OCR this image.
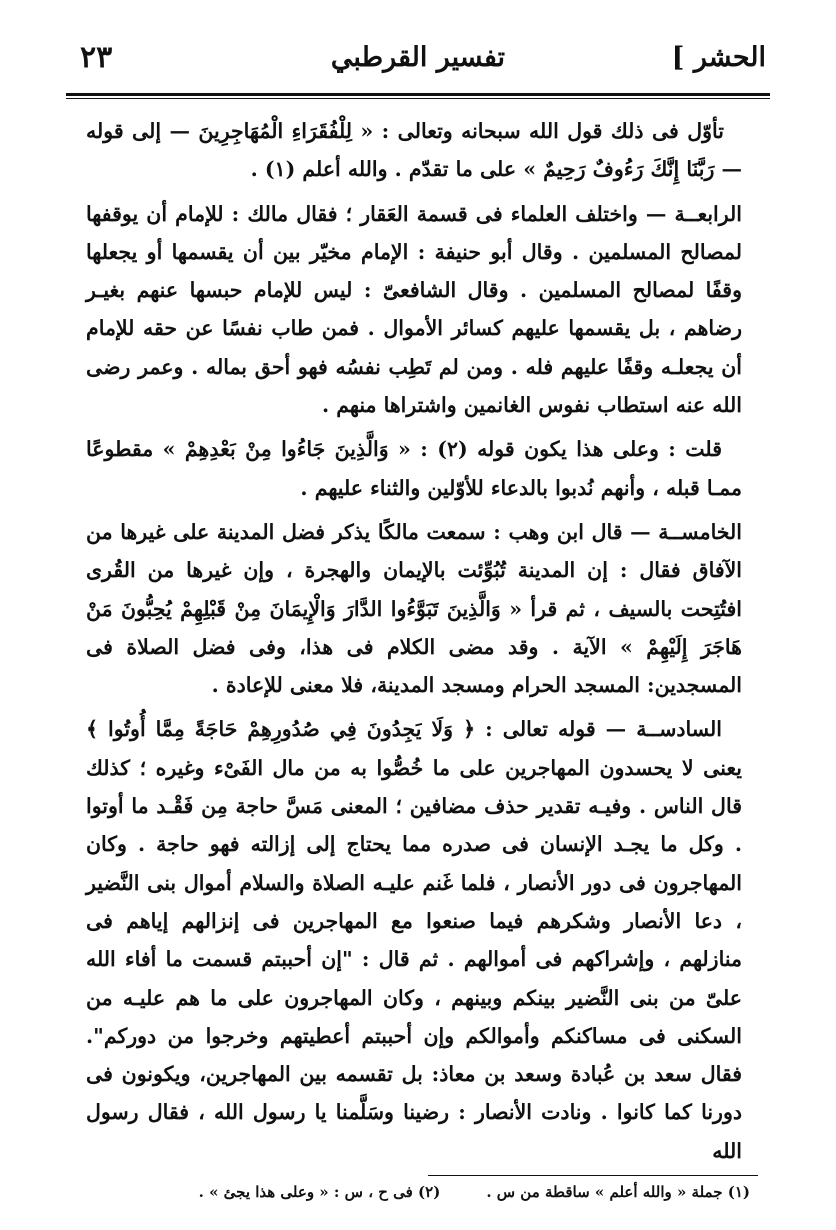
الحشر ]
تفسير القرطبي
٢٣

تأوّل فى ذلك قول الله سبحانه وتعالى : « لِلْفُقَرَاءِ الْمُهَاجِرِينَ — إلى قوله — رَبَّنَا إِنَّكَ رَءُوفٌ رَحِيمٌ » على ما تقدّم . والله أعلم (١) .

الرابعــة — واختلف العلماء فى قسمة العَقار ؛ فقال مالك : للإمام أن يوقفها لمصالح المسلمين . وقال أبو حنيفة : الإمام مخيّر بين أن يقسمها أو يجعلها وقفًا لمصالح المسلمين . وقال الشافعىّ : ليس للإمام حبسها عنهم بغيـر رضاهم ، بل يقسمها عليهم كسائر الأموال . فمن طاب نفسًا عن حقه للإمام أن يجعلـه وقفًا عليهم فله . ومن لم تَطِب نفسُه فهو أحق بماله . وعمر رضى الله عنه استطاب نفوس الغانمين واشتراها منهم .

قلت : وعلى هذا يكون قوله (٢) : « وَالَّذِينَ جَاءُوا مِنْ بَعْدِهِمْ » مقطوعًا ممـا قبله ، وأنهم نُدبوا بالدعاء للأوّلين والثناء عليهم .

الخامســة — قال ابن وهب : سمعت مالكًا يذكر فضل المدينة على غيرها من الآفاق فقال : إن المدينة تُبُوِّئت بالإيمان والهجرة ، وإن غيرها من القُرى افتُتِحت بالسيف ، ثم قرأ « وَالَّذِينَ تَبَوَّءُوا الدَّارَ وَالْإِيمَانَ مِنْ قَبْلِهِمْ يُحِبُّونَ مَنْ هَاجَرَ إِلَيْهِمْ » الآية . وقد مضى الكلام فى هذا، وفى فضل الصلاة فى المسجدين: المسجد الحرام ومسجد المدينة، فلا معنى للإعادة .

السادســة — قوله تعالى : ﴿ وَلَا يَجِدُونَ فِي صُدُورِهِمْ حَاجَةً مِمَّا أُوتُوا ﴾ يعنى لا يحسدون المهاجرين على ما خُصُّوا به من مال الفَىْء وغيره ؛ كذلك قال الناس . وفيـه تقدير حذف مضافين ؛ المعنى مَسَّ حاجة مِن فَقْـد ما أوتوا . وكل ما يجـد الإنسان فى صدره مما يحتاج إلى إزالته فهو حاجة . وكان المهاجرون فى دور الأنصار ، فلما غَنم عليـه الصلاة والسلام أموال بنى النَّضير ، دعا الأنصار وشكرهم فيما صنعوا مع المهاجرين فى إنزالهم إياهم فى منازلهم ، وإشراكهم فى أموالهم . ثم قال : "إن أحببتم قسمت ما أفاء الله علىّ من بنى النَّضير بينكم وبينهم ، وكان المهاجرون على ما هم عليـه من السكنى فى مساكنكم وأموالكم وإن أحببتم أعطيتهم وخرجوا من دوركم". فقال سعد بن عُبادة وسعد بن معاذ: بل تقسمه بين المهاجرين، ويكونون فى دورنا كما كانوا . ونادت الأنصار : رضينا وسَلَّمنا يا رسول الله ، فقال رسول الله

(١) جملة « والله أعلم » ساقطة من س .
(٢) فى ح ، س : « وعلى هذا يجئ » .
